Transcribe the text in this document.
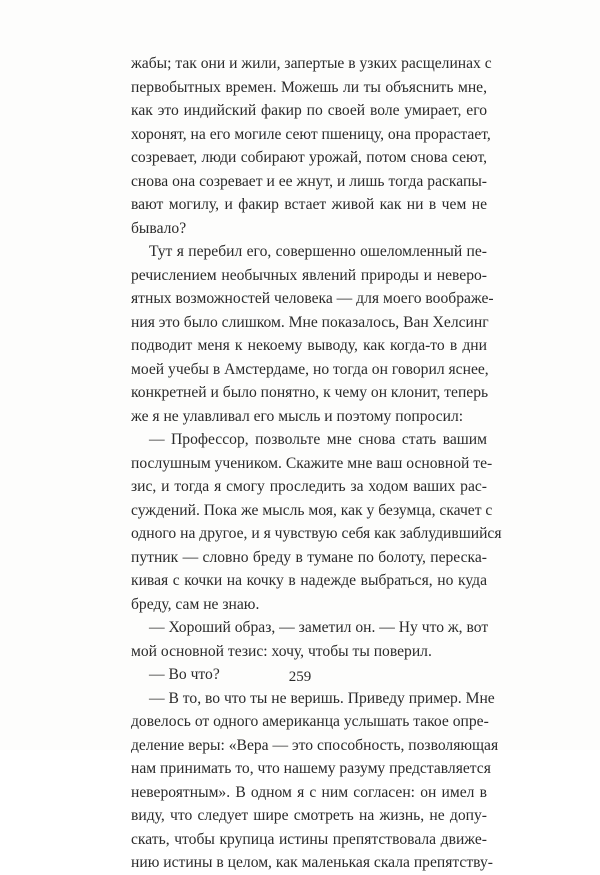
жабы; так они и жили, запертые в узких расщелинах с
первобытных времен. Можешь ли ты объяснить мне,
как это индийский факир по своей воле умирает, его
хоронят, на его могиле сеют пшеницу, она прорастает,
созревает, люди собирают урожай, потом снова сеют,
снова она созревает и ее жнут, и лишь тогда раскапы-
вают могилу, и факир встает живой как ни в чем не
бывало?
Тут я перебил его, совершенно ошеломленный пе-
речислением необычных явлений природы и неверо-
ятных возможностей человека — для моего воображе-
ния это было слишком. Мне показалось, Ван Хелсинг
подводит меня к некоему выводу, как когда-то в дни
моей учебы в Амстердаме, но тогда он говорил яснее,
конкретней и было понятно, к чему он клонит, теперь
же я не улавливал его мысль и поэтому попросил:
— Профессор, позвольте мне снова стать вашим
послушным учеником. Скажите мне ваш основной те-
зис, и тогда я смогу проследить за ходом ваших рас-
суждений. Пока же мысль моя, как у безумца, скачет с
одного на другое, и я чувствую себя как заблудившийся
путник — словно бреду в тумане по болоту, переска-
кивая с кочки на кочку в надежде выбраться, но куда
бреду, сам не знаю.
— Хороший образ, — заметил он. — Ну что ж, вот
мой основной тезис: хочу, чтобы ты поверил.
— Во что?
— В то, во что ты не веришь. Приведу пример. Мне
довелось от одного американца услышать такое опре-
деление веры: «Вера — это способность, позволяющая
нам принимать то, что нашему разуму представляется
невероятным». В одном я с ним согласен: он имел в
виду, что следует шире смотреть на жизнь, не допу-
скать, чтобы крупица истины препятствовала движе-
нию истины в целом, как маленькая скала препятству-
259
